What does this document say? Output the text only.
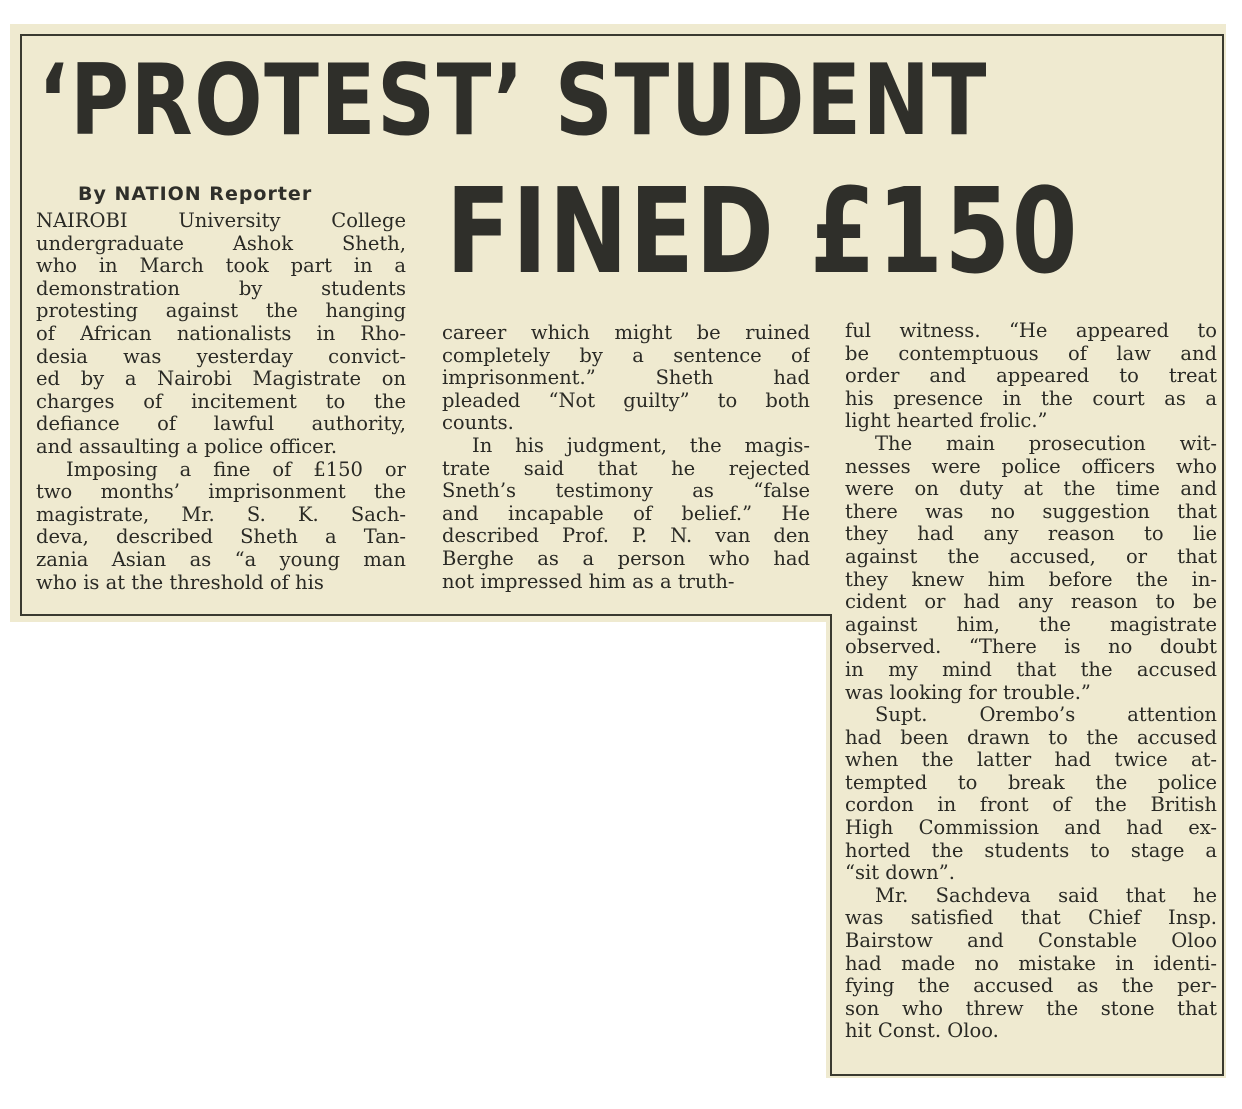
‘PROTEST’ STUDENT
FINED £150

By NATION Reporter

NAIROBI University College
undergraduate Ashok Sheth,
who in March took part in a
demonstration by students
protesting against the hanging
of African nationalists in Rho-
desia was yesterday convict-
ed by a Nairobi Magistrate on
charges of incitement to the
defiance of lawful authority,
and assaulting a police officer.
Imposing a fine of £150 or
two months’ imprisonment the
magistrate, Mr. S. K. Sach-
deva, described Sheth a Tan-
zania Asian as “a young man
who is at the threshold of his
career which might be ruined
completely by a sentence of
imprisonment.” Sheth had
pleaded “Not guilty” to both
counts.
In his judgment, the magis-
trate said that he rejected
Sneth’s testimony as “false
and incapable of belief.” He
described Prof. P. N. van den
Berghe as a person who had
not impressed him as a truth-
ful witness. “He appeared to
be contemptuous of law and
order and appeared to treat
his presence in the court as a
light hearted frolic.”
The main prosecution wit-
nesses were police officers who
were on duty at the time and
there was no suggestion that
they had any reason to lie
against the accused, or that
they knew him before the in-
cident or had any reason to be
against him, the magistrate
observed. “There is no doubt
in my mind that the accused
was looking for trouble.”
Supt. Orembo’s attention
had been drawn to the accused
when the latter had twice at-
tempted to break the police
cordon in front of the British
High Commission and had ex-
horted the students to stage a
“sit down”.
Mr. Sachdeva said that he
was satisfied that Chief Insp.
Bairstow and Constable Oloo
had made no mistake in identi-
fying the accused as the per-
son who threw the stone that
hit Const. Oloo.
